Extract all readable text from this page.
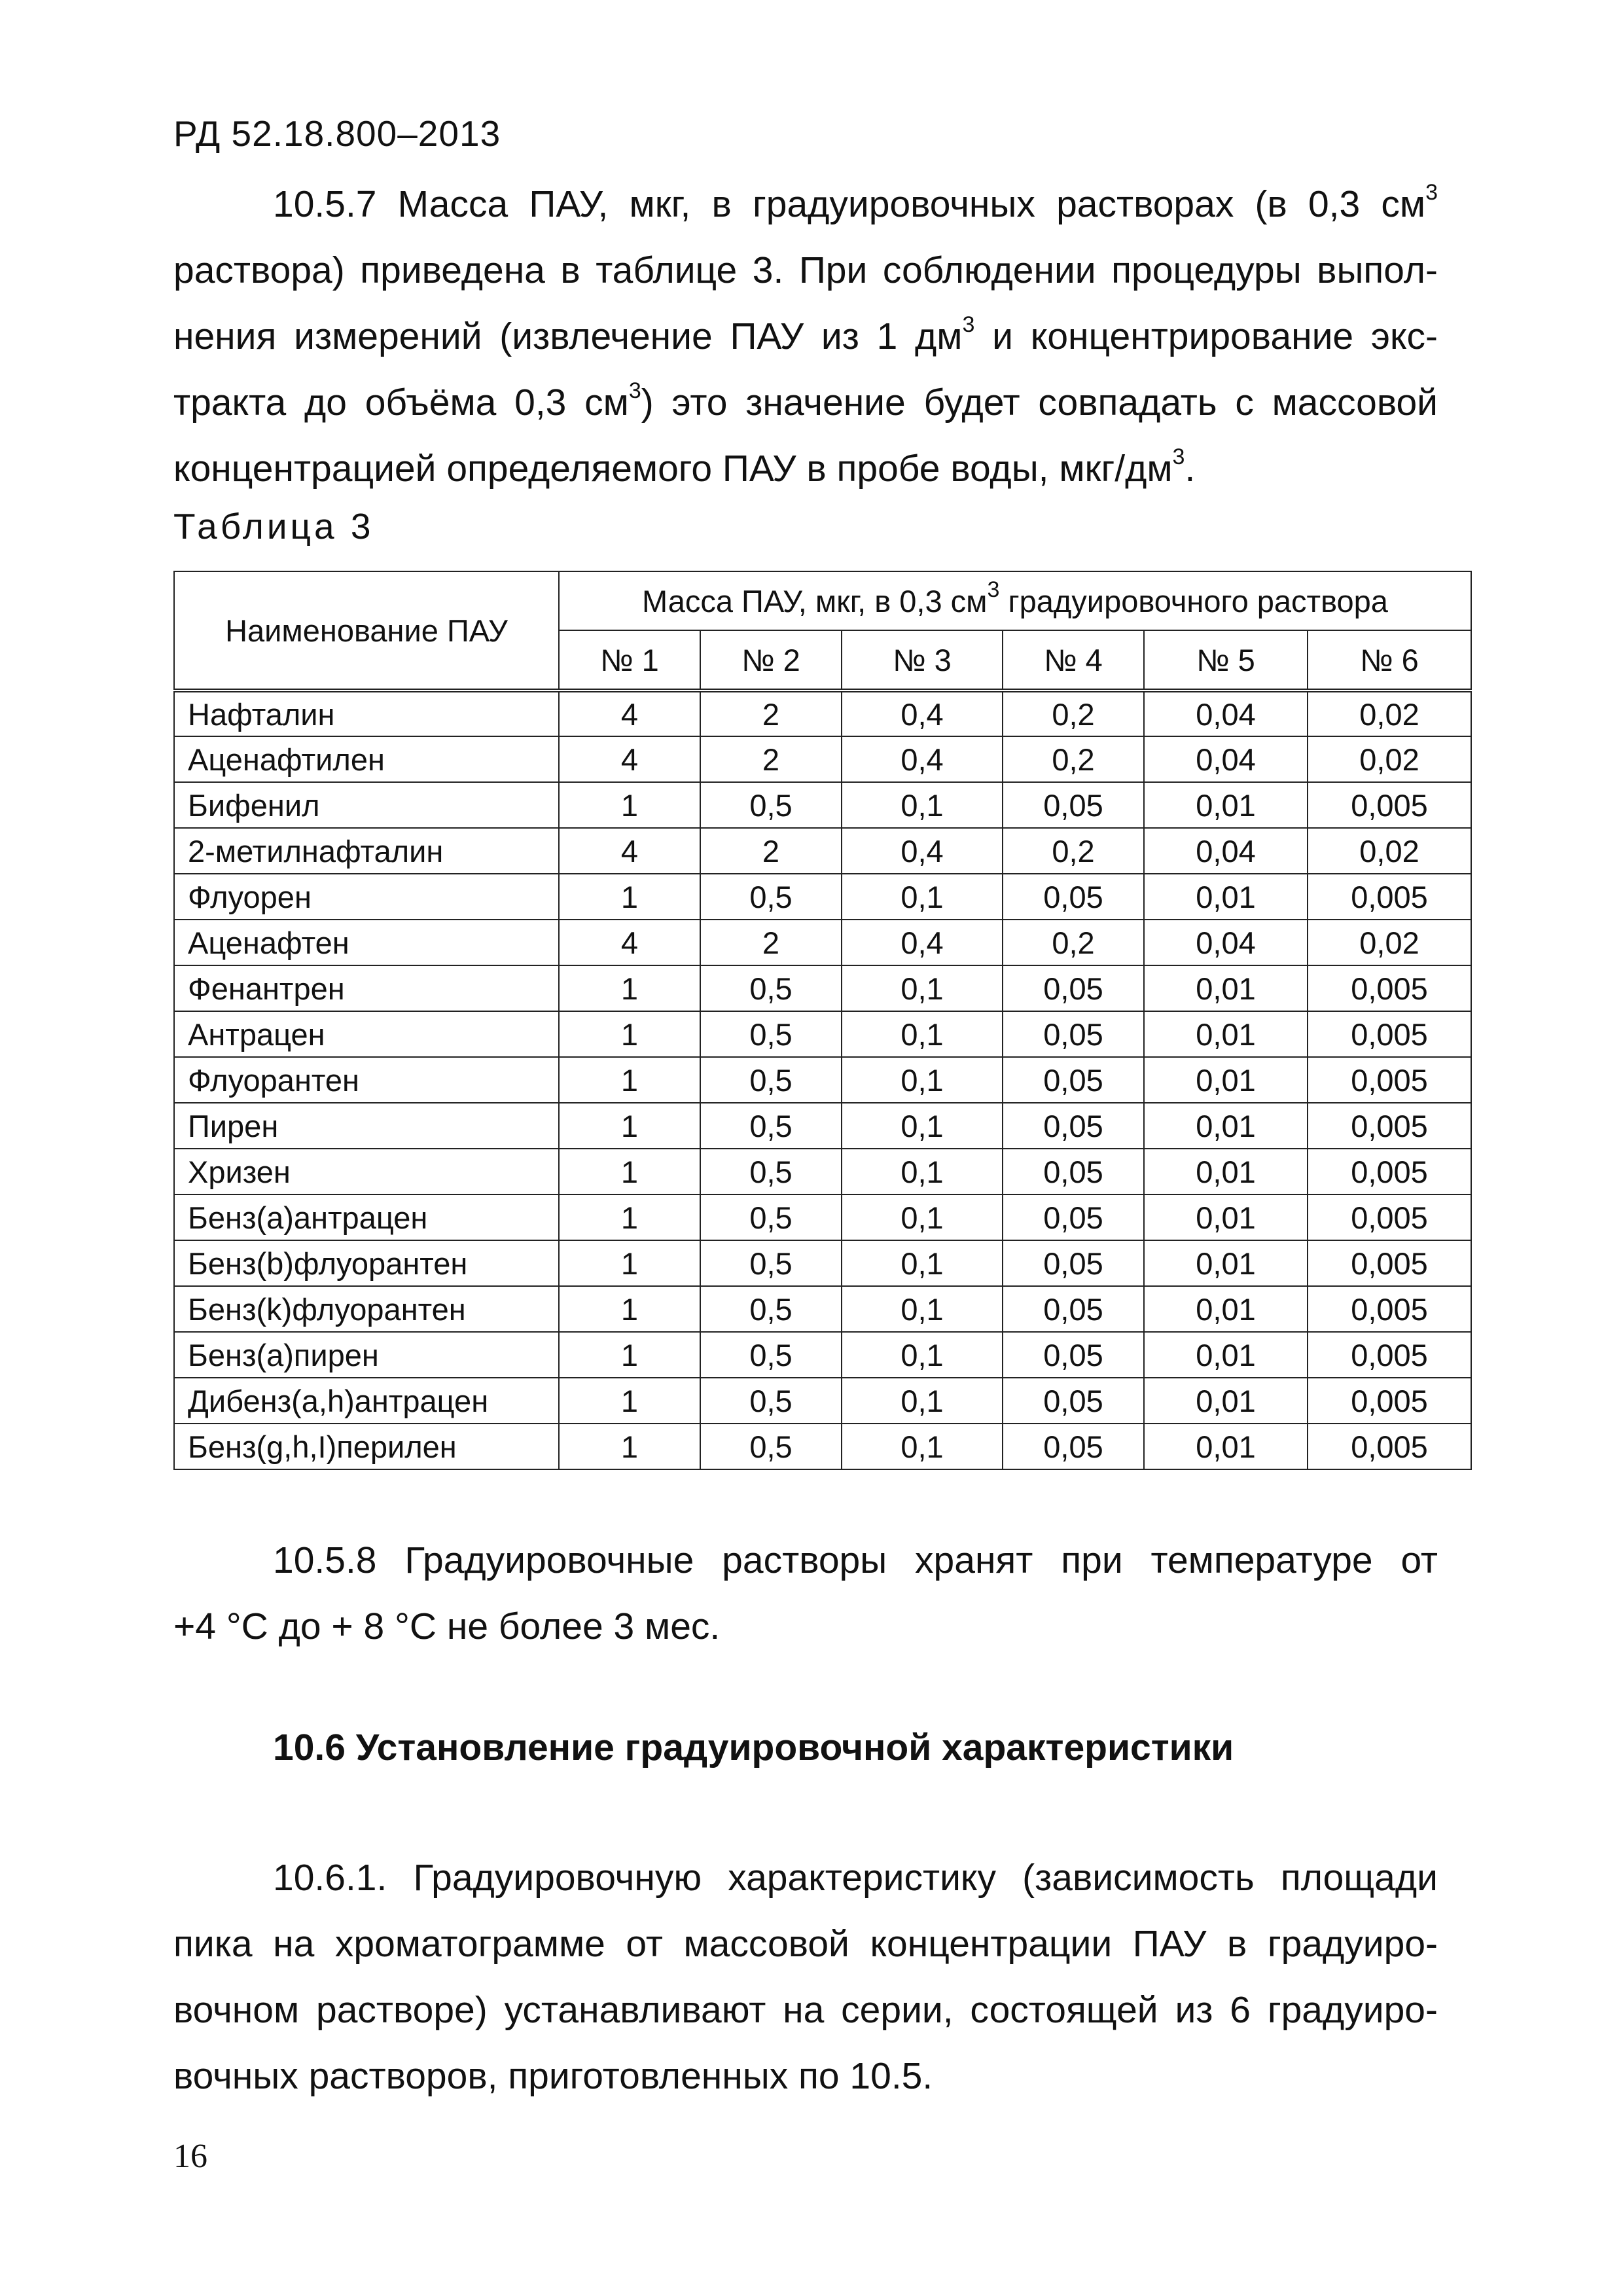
РД 52.18.800–2013
10.5.7 Масса ПАУ, мкг, в градуировочных растворах (в 0,3 $см^3$
раствора) приведена в таблице 3. При соблюдении процедуры выпол-
нения измерений (извлечение ПАУ из 1 $дм^3$ и концентрирование экс-
тракта до объёма 0,3 $см^3$) это значение будет совпадать с массовой
концентрацией определяемого ПАУ в пробе воды, мкг/$дм^3$.
Таблица 3
Наименование ПАУ	Масса ПАУ, мкг, в 0,3 $см^3$ градуировочного раствора					
	№ 1	№ 2	№ 3	№ 4	№ 5	№ 6
Нафталин	4	2	0,4	0,2	0,04	0,02
Аценафтилен	4	2	0,4	0,2	0,04	0,02
Бифенил	1	0,5	0,1	0,05	0,01	0,005
2-метилнафталин	4	2	0,4	0,2	0,04	0,02
Флуорен	1	0,5	0,1	0,05	0,01	0,005
Аценафтен	4	2	0,4	0,2	0,04	0,02
Фенантрен	1	0,5	0,1	0,05	0,01	0,005
Антрацен	1	0,5	0,1	0,05	0,01	0,005
Флуорантен	1	0,5	0,1	0,05	0,01	0,005
Пирен	1	0,5	0,1	0,05	0,01	0,005
Хризен	1	0,5	0,1	0,05	0,01	0,005
Бенз(а)антрацен	1	0,5	0,1	0,05	0,01	0,005
Бенз(b)флуорантен	1	0,5	0,1	0,05	0,01	0,005
Бенз(k)флуорантен	1	0,5	0,1	0,05	0,01	0,005
Бенз(а)пирен	1	0,5	0,1	0,05	0,01	0,005
Дибенз(a,h)антрацен	1	0,5	0,1	0,05	0,01	0,005
Бенз(g,h,I)перилен	1	0,5	0,1	0,05	0,01	0,005
10.5.8 Градуировочные растворы хранят при температуре от
+4 °С до + 8 °С не более 3 мес.
10.6 Установление градуировочной характеристики
10.6.1. Градуировочную характеристику (зависимость площади
пика на хроматограмме от массовой концентрации ПАУ в градуиро-
вочном растворе) устанавливают на серии, состоящей из 6 градуиро-
вочных растворов, приготовленных по 10.5.
16
